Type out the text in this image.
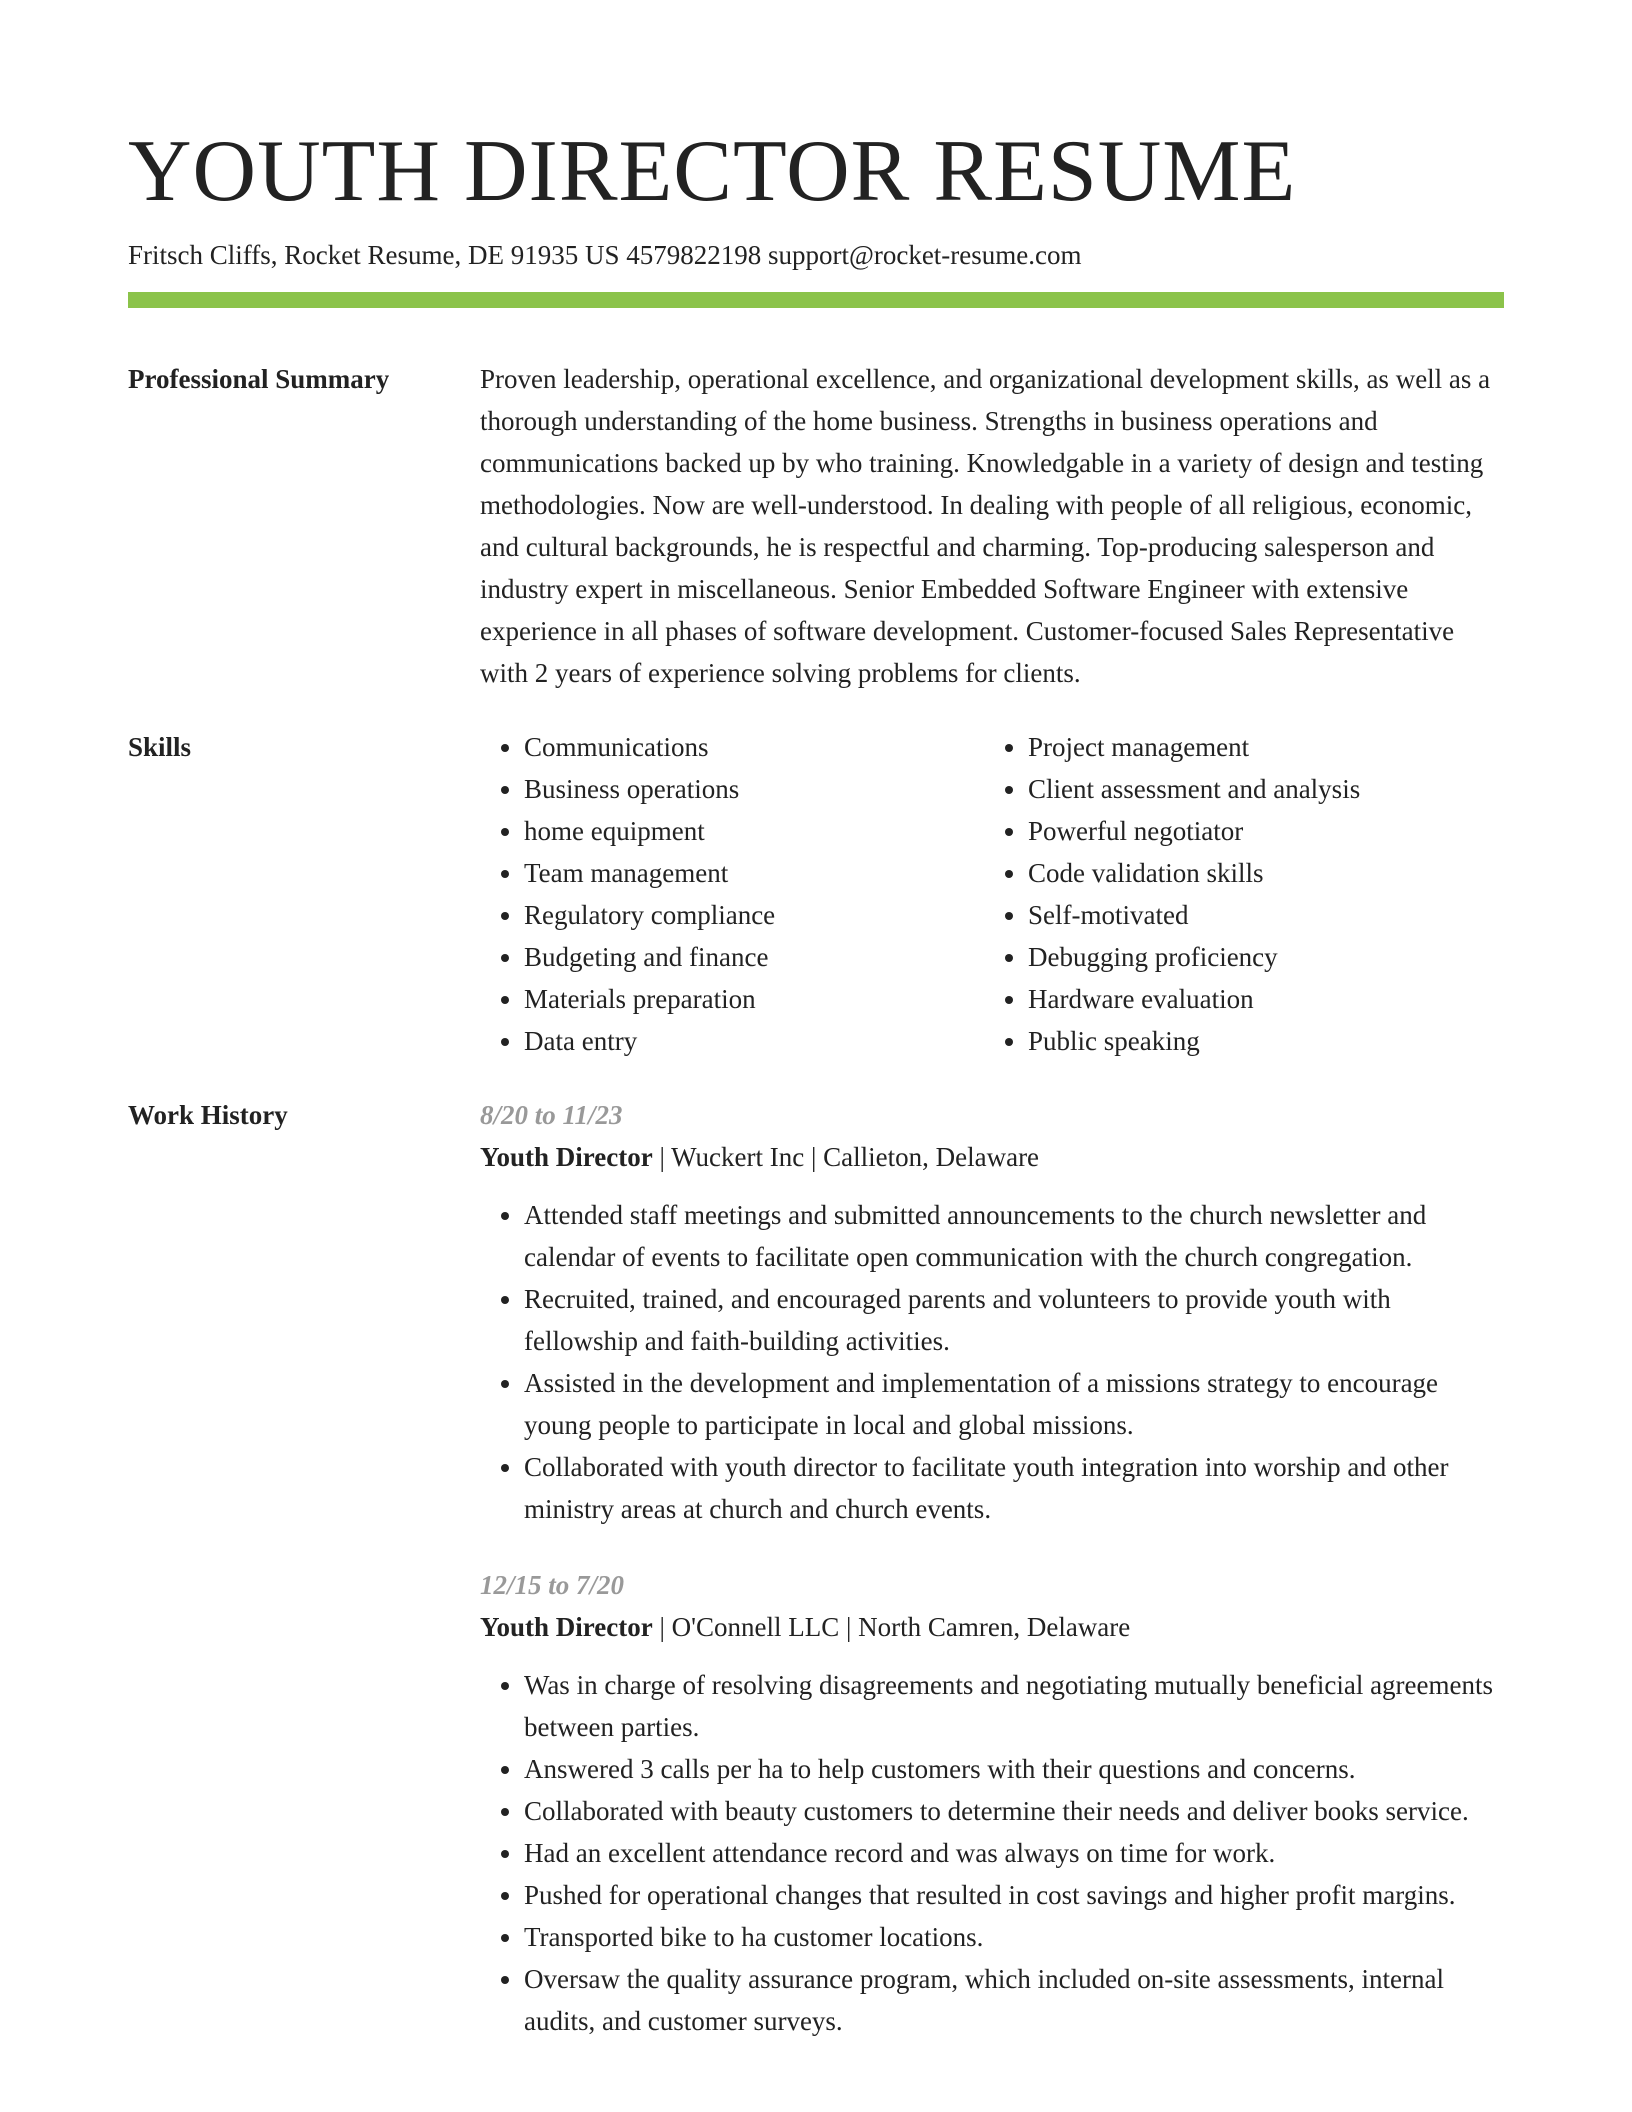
YOUTH DIRECTOR RESUME
Fritsch Cliffs, Rocket Resume, DE 91935 US 4579822198 support@rocket-resume.com
Professional Summary	Proven leadership, operational excellence, and organizational development skills, as well as a thorough understanding of the home business. Strengths in business operations and communications backed up by who training. Knowledgable in a variety of design and testing methodologies. Now are well-understood. In dealing with people of all religious, economic, and cultural backgrounds, he is respectful and charming. Top-producing salesperson and industry expert in miscellaneous. Senior Embedded Software Engineer with extensive experience in all phases of software development. Customer-focused Sales Representative with 2 years of experience solving problems for clients.

Skills
•	Communications
• Business operations
• home equipment
• Team management
• Regulatory compliance
• Budgeting and finance
• Materials preparation
• Data entry
• Project management
• Client assessment and analysis
• Powerful negotiator
• Code validation skills
• Self-motivated
• Debugging proficiency
• Hardware evaluation
• Public speaking
Work History	8/20 to 11/23
Youth Director | Wuckert Inc | Callieton, Delaware
• Attended staff meetings and submitted announcements to the church newsletter and calendar of events to facilitate open communication with the church congregation.
• Recruited, trained, and encouraged parents and volunteers to provide youth with fellowship and faith-building activities.
• Assisted in the development and implementation of a missions strategy to encourage young people to participate in local and global missions.
• Collaborated with youth director to facilitate youth integration into worship and other ministry areas at church and church events.
12/15 to 7/20
Youth Director | O'Connell LLC | North Camren, Delaware
• Was in charge of resolving disagreements and negotiating mutually beneficial agreements between parties.
• Answered 3 calls per ha to help customers with their questions and concerns.
• Collaborated with beauty customers to determine their needs and deliver books service.
• Had an excellent attendance record and was always on time for work.
• Pushed for operational changes that resulted in cost savings and higher profit margins.
• Transported bike to ha customer locations.
• Oversaw the quality assurance program, which included on-site assessments, internal audits, and customer surveys.
